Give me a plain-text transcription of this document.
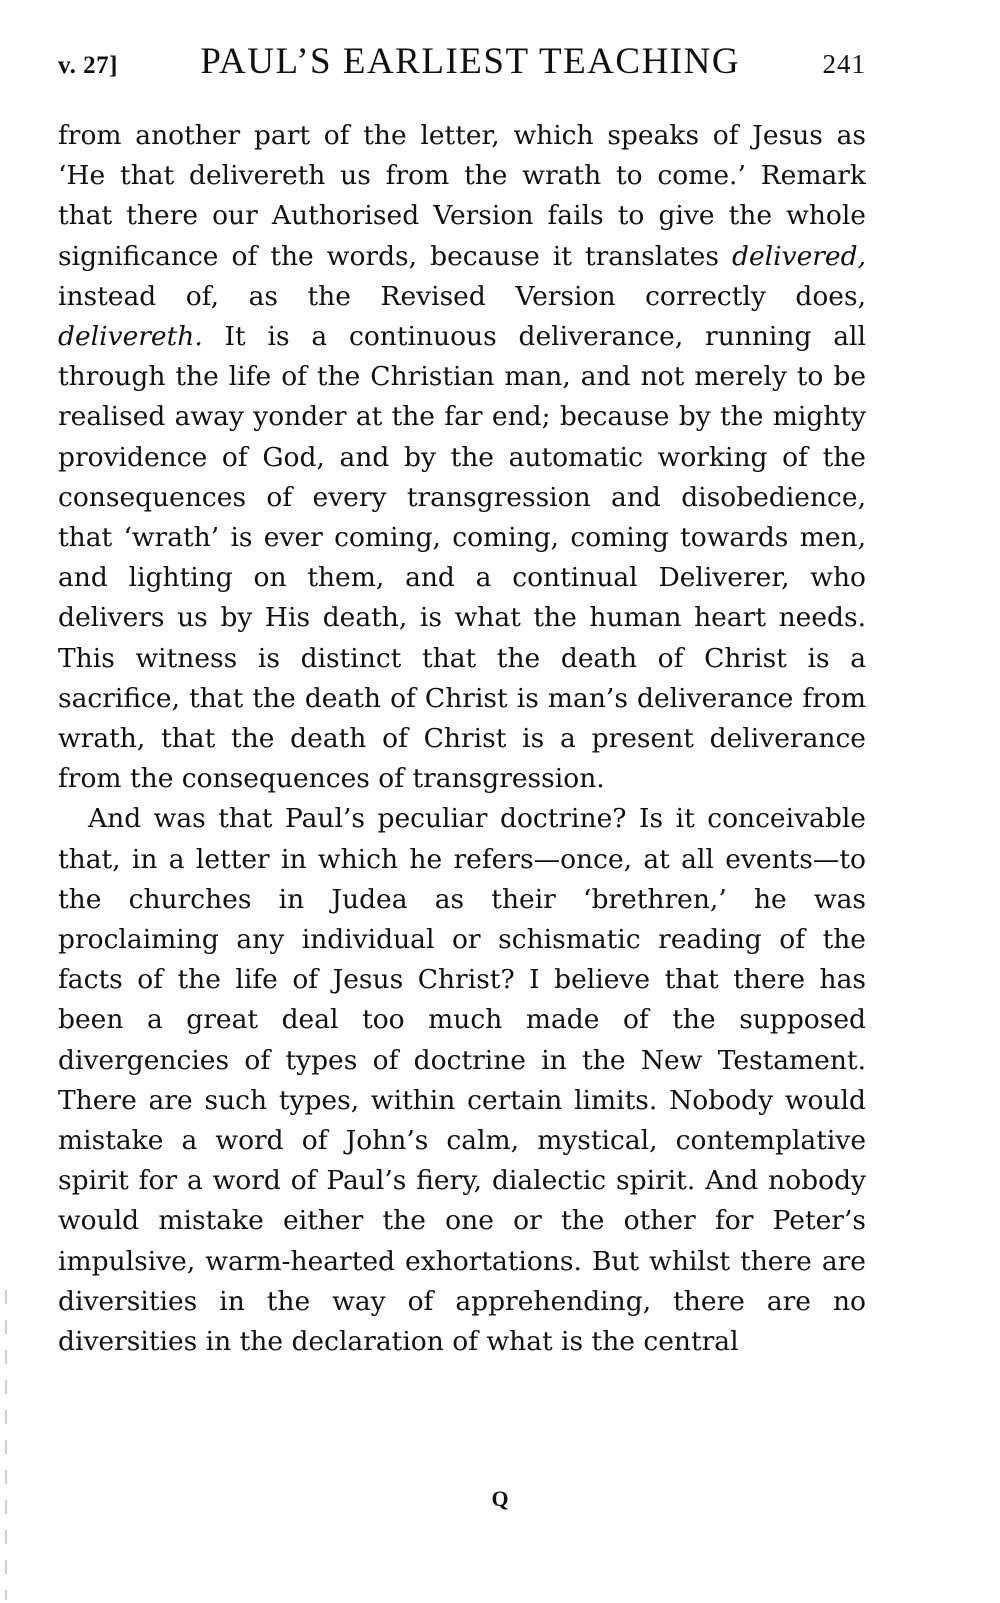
v. 27] PAUL’S EARLIEST TEACHING	241

from another part of the letter, which speaks of Jesus as ‘He that delivereth us from the wrath to come.’ Remark that there our Authorised Version fails to give the whole significance of the words, because it translates delivered, instead of, as the Revised Version correctly does, delivereth. It is a continuous deliverance, running all through the life of the Christian man, and not merely to be realised away yonder at the far end; because by the mighty providence of God, and by the automatic working of the consequences of every transgression and disobedience, that ‘wrath’ is ever coming, coming, coming towards men, and lighting on them, and a continual Deliverer, who delivers us by His death, is what the human heart needs. This witness is distinct that the death of Christ is a sacrifice, that the death of Christ is man’s deliverance from wrath, that the death of Christ is a present deliverance from the consequences of transgression.

And was that Paul’s peculiar doctrine? Is it conceivable that, in a letter in which he refers—once, at all events—to the churches in Judea as their ‘brethren,’ he was proclaiming any individual or schismatic reading of the facts of the life of Jesus Christ? I believe that there has been a great deal too much made of the supposed divergencies of types of doctrine in the New Testament. There are such types, within certain limits. Nobody would mistake a word of John’s calm, mystical, contemplative spirit for a word of Paul’s fiery, dialectic spirit. And nobody would mistake either the one or the other for Peter’s impulsive, warm-hearted exhortations. But whilst there are diversities in the way of apprehending, there are no diversities in the declaration of what is the central

Q
